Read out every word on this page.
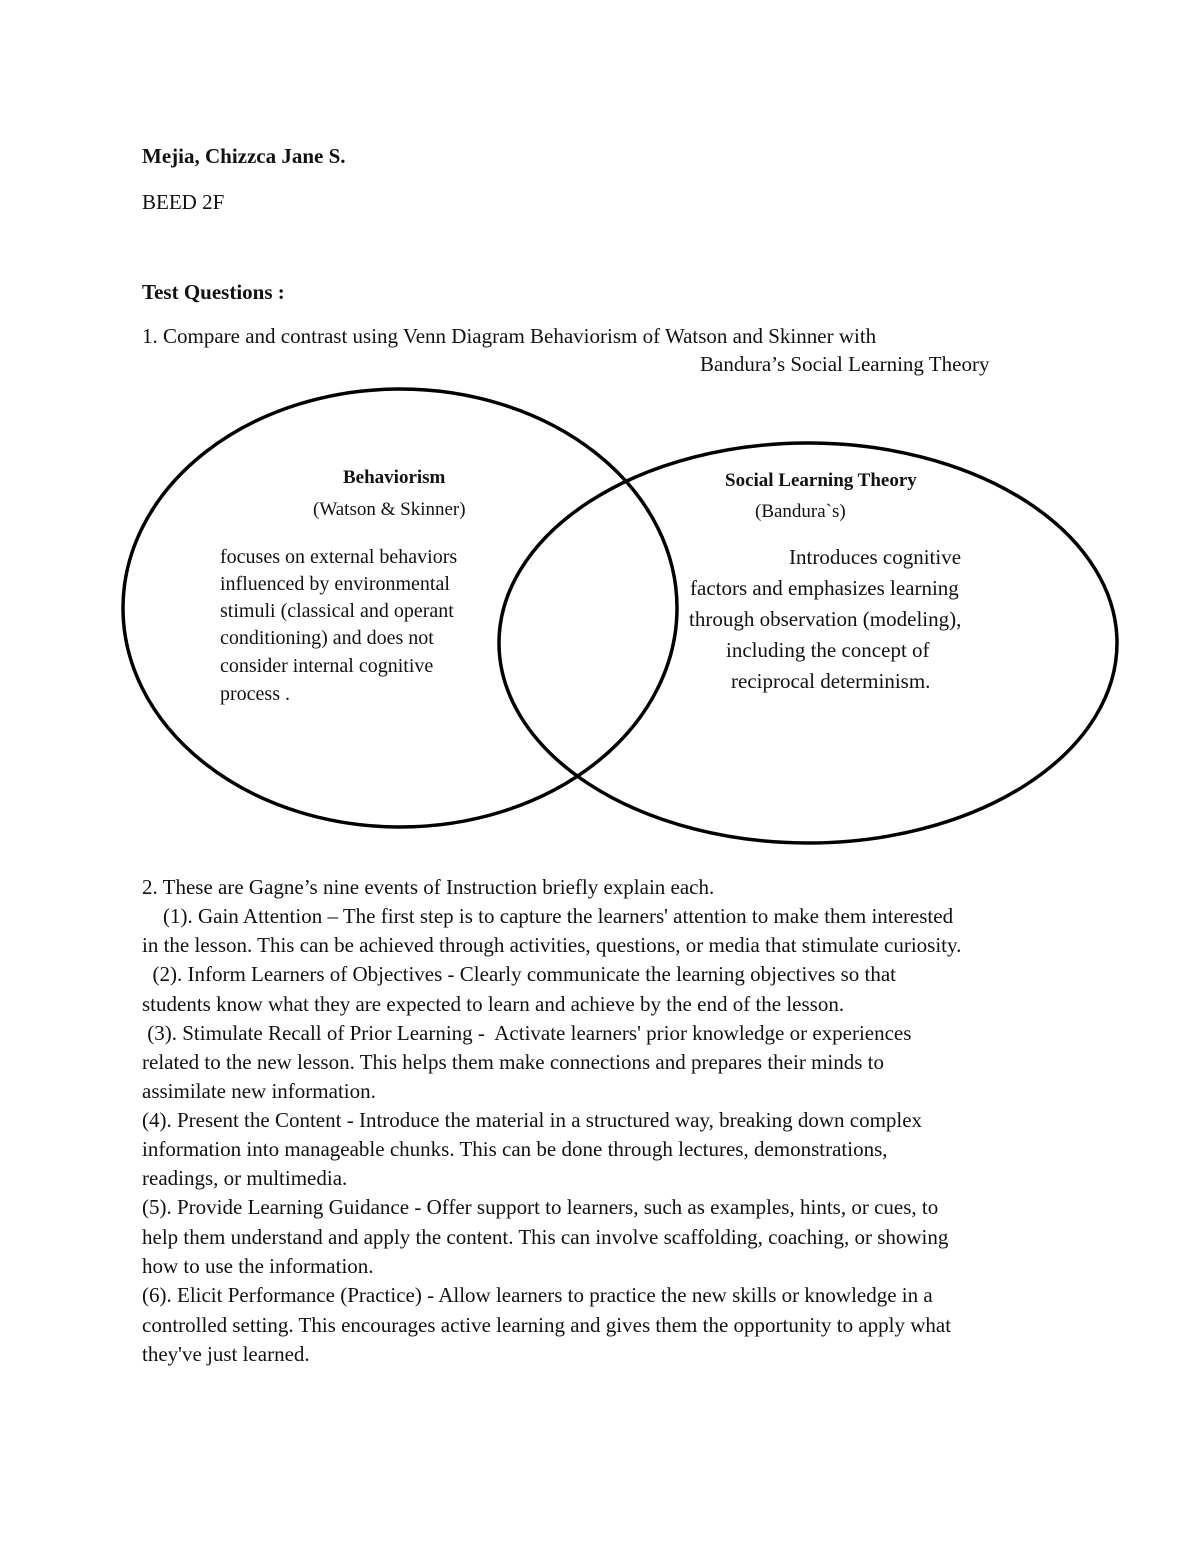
Mejia, Chizzca Jane S.
BEED 2F
Test Questions :
1. Compare and contrast using Venn Diagram Behaviorism of Watson and Skinner with
Bandura’s Social Learning Theory
Behaviorism
(Watson & Skinner)
focuses on external behaviors
influenced by environmental
stimuli (classical and operant
conditioning) and does not
consider internal cognitive
process .
Social Learning Theory
(Bandura`s)
Introduces cognitive
factors and emphasizes learning
through observation (modeling),
including the concept of
reciprocal determinism.
2. These are Gagne’s nine events of Instruction briefly explain each.
(1). Gain Attention – The first step is to capture the learners' attention to make them interested
in the lesson. This can be achieved through activities, questions, or media that stimulate curiosity.
(2). Inform Learners of Objectives - Clearly communicate the learning objectives so that
students know what they are expected to learn and achieve by the end of the lesson.
(3). Stimulate Recall of Prior Learning -  Activate learners' prior knowledge or experiences
related to the new lesson. This helps them make connections and prepares their minds to
assimilate new information.
(4). Present the Content - Introduce the material in a structured way, breaking down complex
information into manageable chunks. This can be done through lectures, demonstrations,
readings, or multimedia.
(5). Provide Learning Guidance - Offer support to learners, such as examples, hints, or cues, to
help them understand and apply the content. This can involve scaffolding, coaching, or showing
how to use the information.
(6). Elicit Performance (Practice) - Allow learners to practice the new skills or knowledge in a
controlled setting. This encourages active learning and gives them the opportunity to apply what
they've just learned.
